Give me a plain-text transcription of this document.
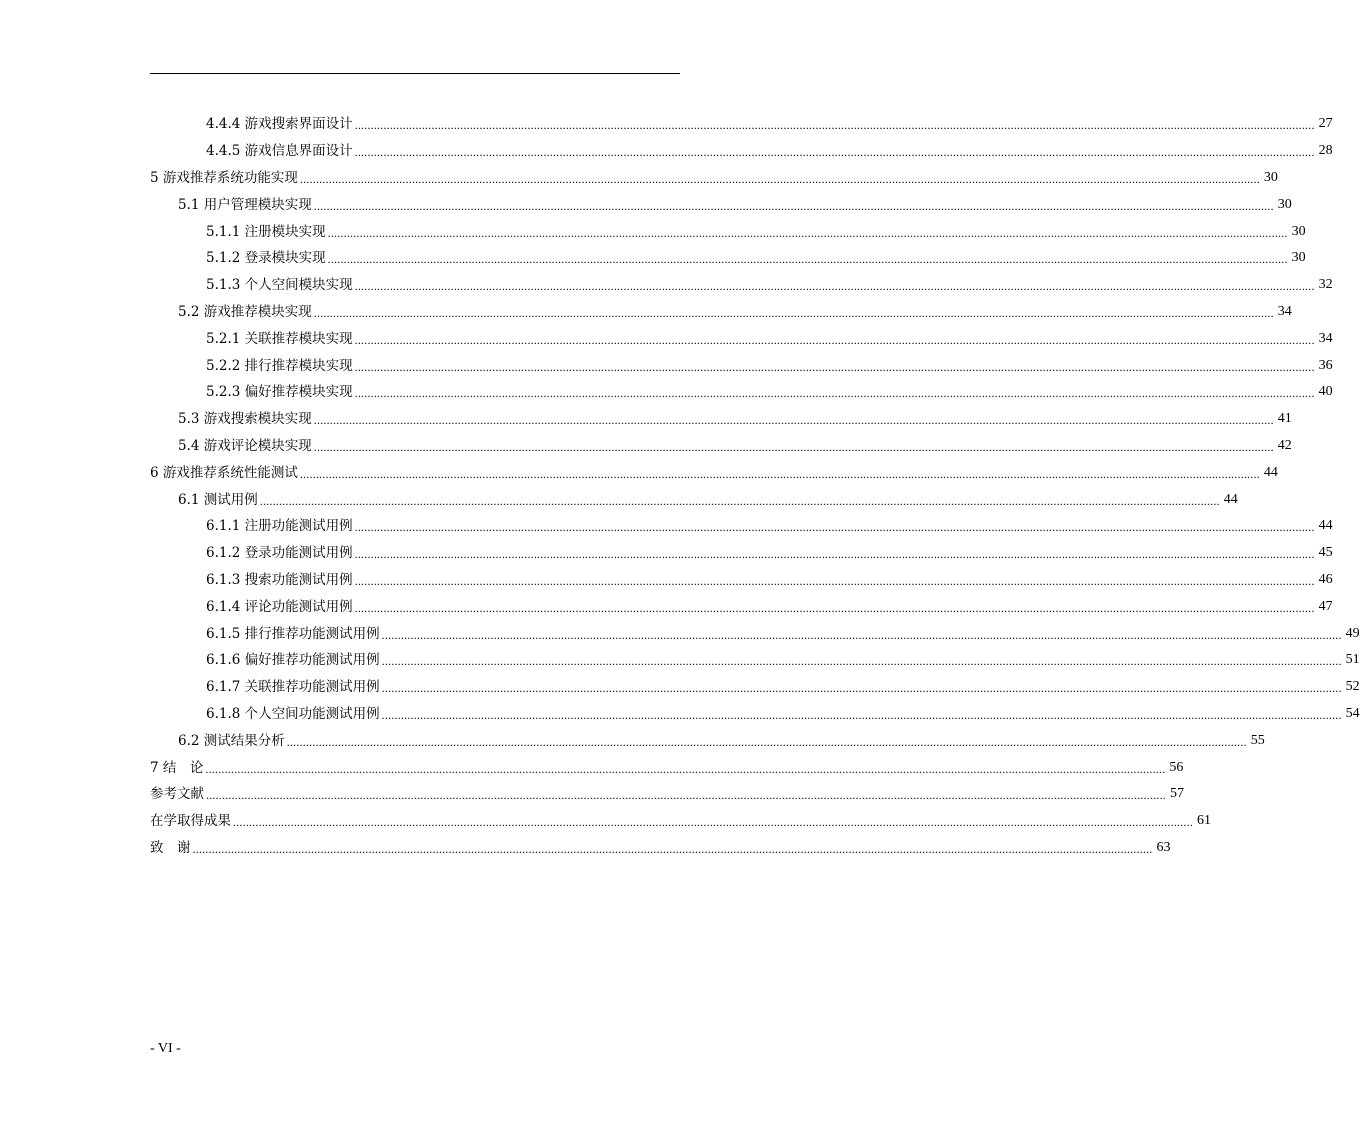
4.4.4 游戏搜索界面设计 ............................................................................................................................................................................................................................................................................................................ 27
4.4.5 游戏信息界面设计 ............................................................................................................................................................................................................................................................................................................ 28
5 游戏推荐系统功能实现 ............................................................................................................................................................................................................................................................................................................ 30
5.1 用户管理模块实现 ............................................................................................................................................................................................................................................................................................................ 30
5.1.1 注册模块实现 ............................................................................................................................................................................................................................................................................................................ 30
5.1.2 登录模块实现 ............................................................................................................................................................................................................................................................................................................ 30
5.1.3 个人空间模块实现 ............................................................................................................................................................................................................................................................................................................ 32
5.2 游戏推荐模块实现 ............................................................................................................................................................................................................................................................................................................ 34
5.2.1 关联推荐模块实现 ............................................................................................................................................................................................................................................................................................................ 34
5.2.2 排行推荐模块实现 ............................................................................................................................................................................................................................................................................................................ 36
5.2.3 偏好推荐模块实现 ............................................................................................................................................................................................................................................................................................................ 40
5.3 游戏搜索模块实现 ............................................................................................................................................................................................................................................................................................................ 41
5.4 游戏评论模块实现 ............................................................................................................................................................................................................................................................................................................ 42
6 游戏推荐系统性能测试 ............................................................................................................................................................................................................................................................................................................ 44
6.1 测试用例 ............................................................................................................................................................................................................................................................................................................ 44
6.1.1 注册功能测试用例 ............................................................................................................................................................................................................................................................................................................ 44
6.1.2 登录功能测试用例 ............................................................................................................................................................................................................................................................................................................ 45
6.1.3 搜索功能测试用例 ............................................................................................................................................................................................................................................................................................................ 46
6.1.4 评论功能测试用例 ............................................................................................................................................................................................................................................................................................................ 47
6.1.5 排行推荐功能测试用例 ............................................................................................................................................................................................................................................................................................................ 49
6.1.6 偏好推荐功能测试用例 ............................................................................................................................................................................................................................................................................................................ 51
6.1.7 关联推荐功能测试用例 ............................................................................................................................................................................................................................................................................................................ 52
6.1.8 个人空间功能测试用例 ............................................................................................................................................................................................................................................................................................................ 54
6.2 测试结果分析 ............................................................................................................................................................................................................................................................................................................ 55
7 结　论 ............................................................................................................................................................................................................................................................................................................ 56
参考文献 ............................................................................................................................................................................................................................................................................................................ 57
在学取得成果 ............................................................................................................................................................................................................................................................................................................ 61
致　谢 ............................................................................................................................................................................................................................................................................................................ 63
- VI -
